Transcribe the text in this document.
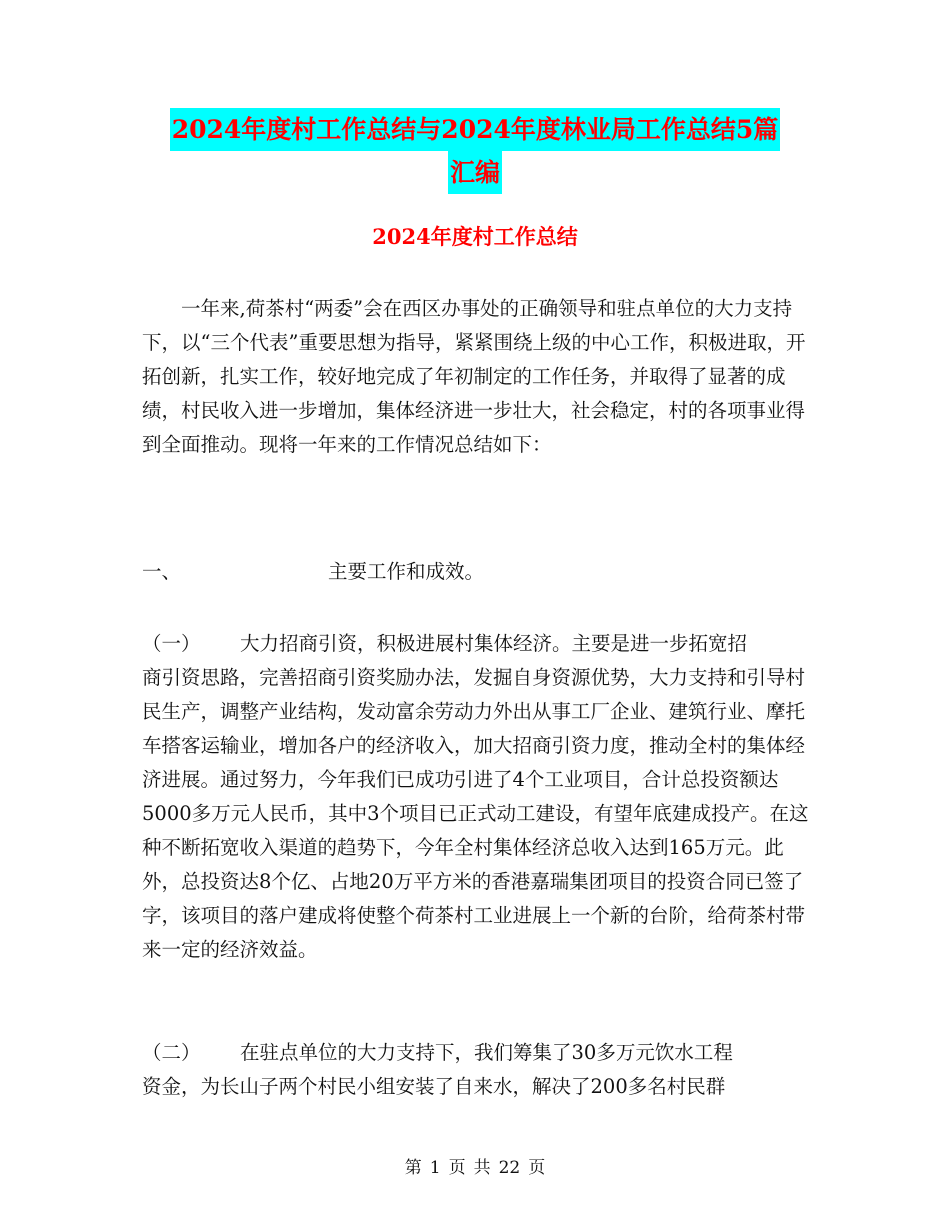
2024年度村工作总结与2024年度林业局工作总结5篇
汇编
2024年度村工作总结

一年来,荷茶村“两委”会在西区办事处的正确领导和驻点单位的大力支持下，以“三个代表”重要思想为指导，紧紧围绕上级的中心工作，积极进取，开拓创新，扎实工作，较好地完成了年初制定的工作任务，并取得了显著的成绩，村民收入进一步增加，集体经济进一步壮大，社会稳定，村的各项事业得到全面推动。现将一年来的工作情况总结如下：

一、	主要工作和成效。
（一） 大力招商引资，积极进展村集体经济。主要是进一步拓宽招

商引资思路，完善招商引资奖励办法，发掘自身资源优势，大力支持和引导村民生产，调整产业结构，发动富余劳动力外出从事工厂企业、建筑行业、摩托车搭客运输业，增加各户的经济收入，加大招商引资力度，推动全村的集体经济进展。通过努力，今年我们已成功引进了4个工业项目，合计总投资额达5000多万元人民币，其中3个项目已正式动工建设，有望年底建成投产。在这种不断拓宽收入渠道的趋势下，今年全村集体经济总收入达到165万元。此外，总投资达8个亿、占地20万平方米的香港嘉瑞集团项目的投资合同已签了字，该项目的落户建成将使整个荷茶村工业进展上一个新的台阶，给荷茶村带来一定的经济效益。

（二） 在驻点单位的大力支持下，我们筹集了30多万元饮水工程

资金，为长山子两个村民小组安装了自来水，解决了200多名村民群

第 1 页 共 22 页
